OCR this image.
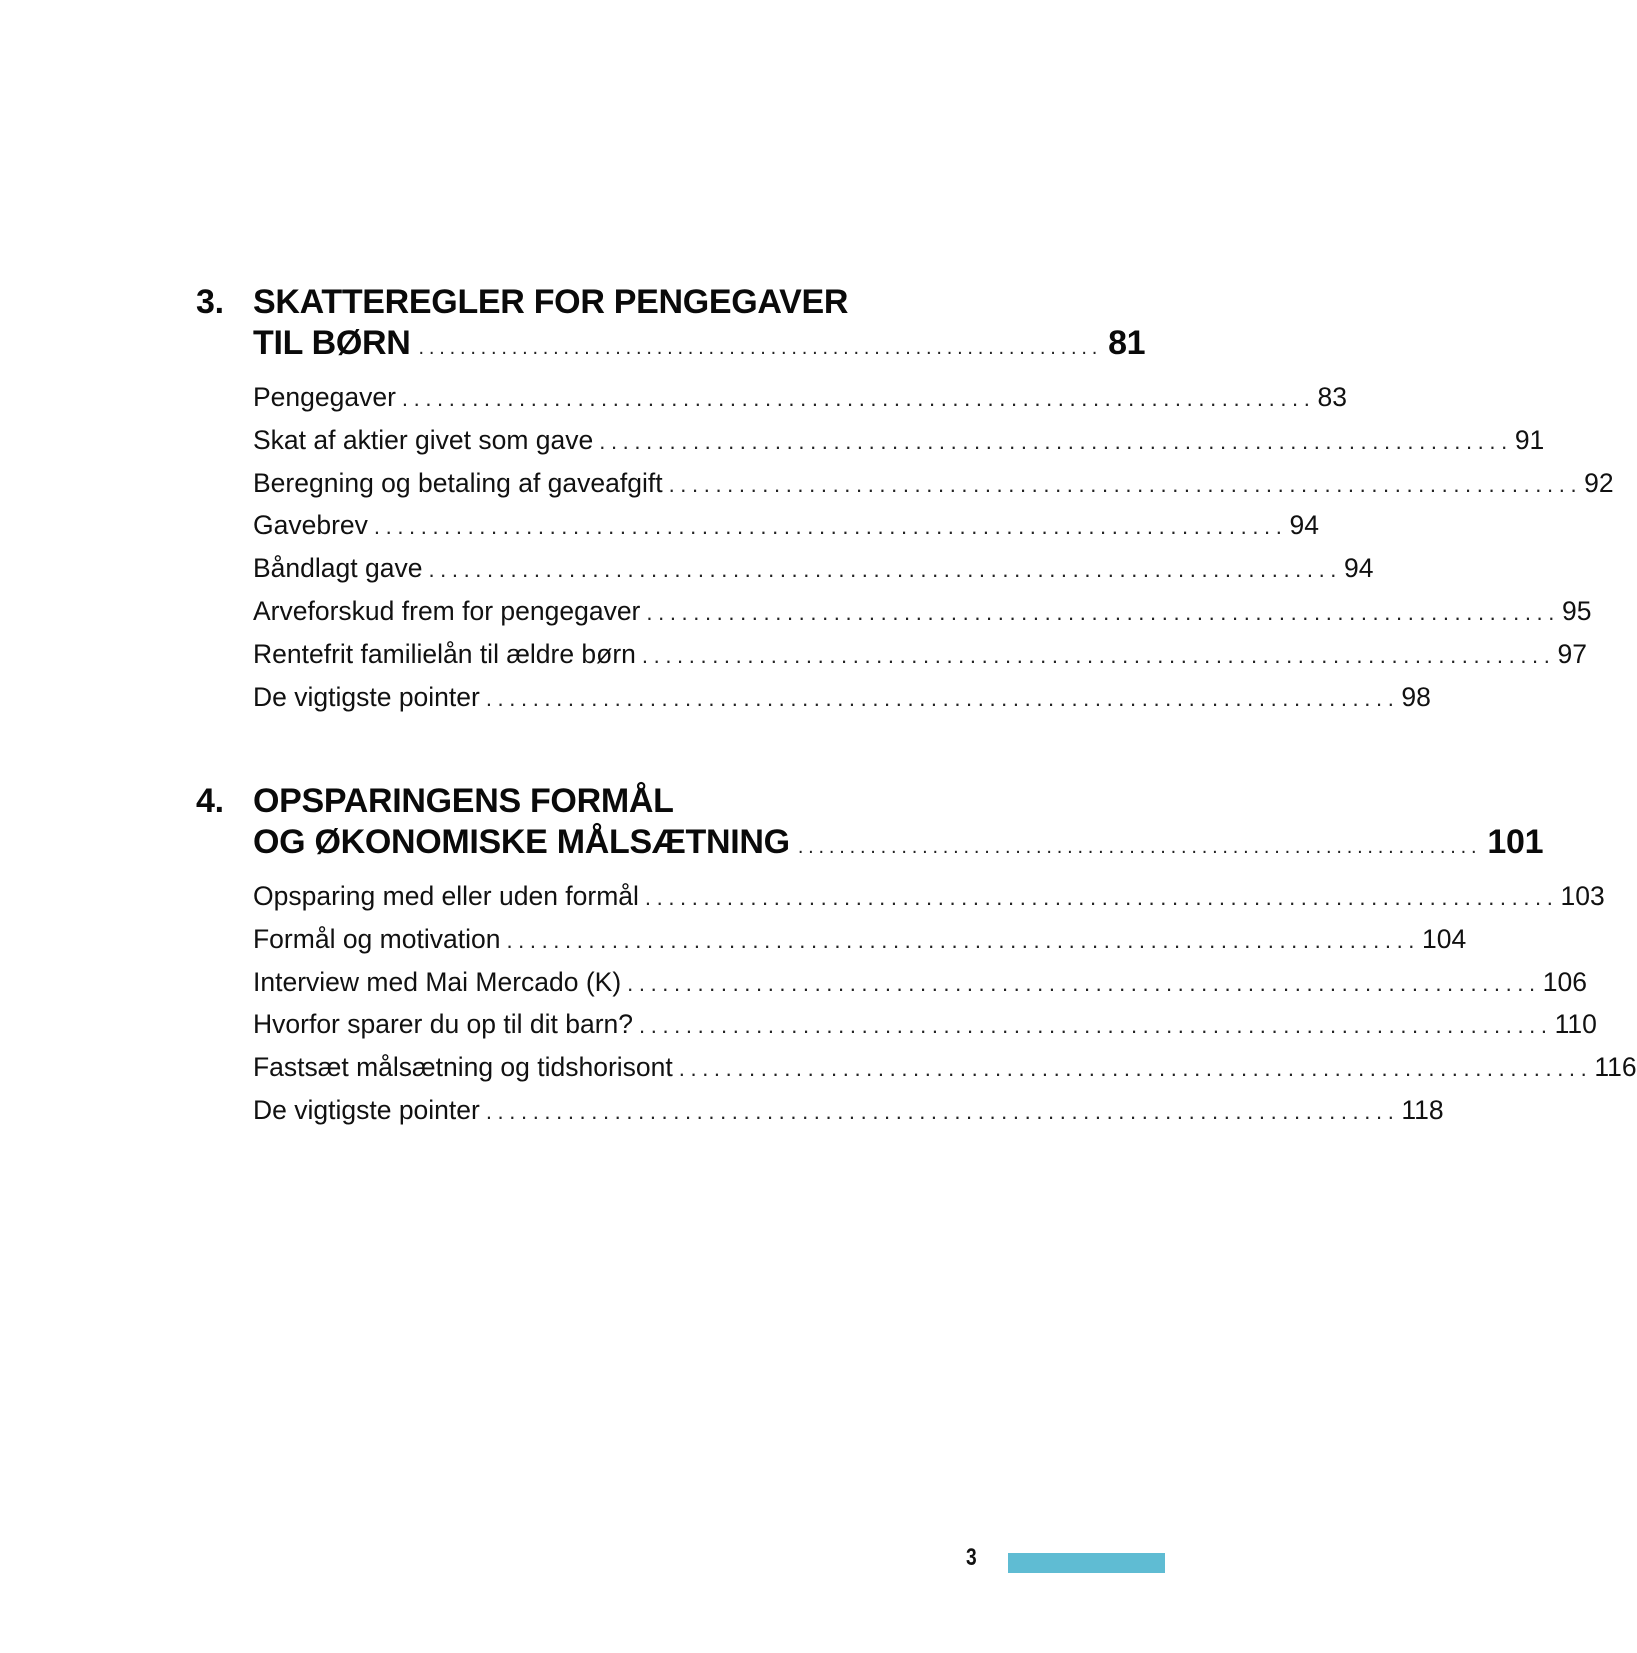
3. SKATTEREGLER FOR PENGEGAVER
TIL BØRN .................................................................. 81
Pengegaver .............................................................................. 83
Skat af aktier givet som gave .............................................................................. 91
Beregning og betaling af gaveafgift .............................................................................. 92
Gavebrev .............................................................................. 94
Båndlagt gave .............................................................................. 94
Arveforskud frem for pengegaver .............................................................................. 95
Rentefrit familielån til ældre børn .............................................................................. 97
De vigtigste pointer .............................................................................. 98
4. OPSPARINGENS FORMÅL
OG ØKONOMISKE MÅLSÆTNING .................................................................. 101
Opsparing med eller uden formål .............................................................................. 103
Formål og motivation .............................................................................. 104
Interview med Mai Mercado (K) .............................................................................. 106
Hvorfor sparer du op til dit barn? .............................................................................. 110
Fastsæt målsætning og tidshorisont .............................................................................. 116
De vigtigste pointer .............................................................................. 118
3
